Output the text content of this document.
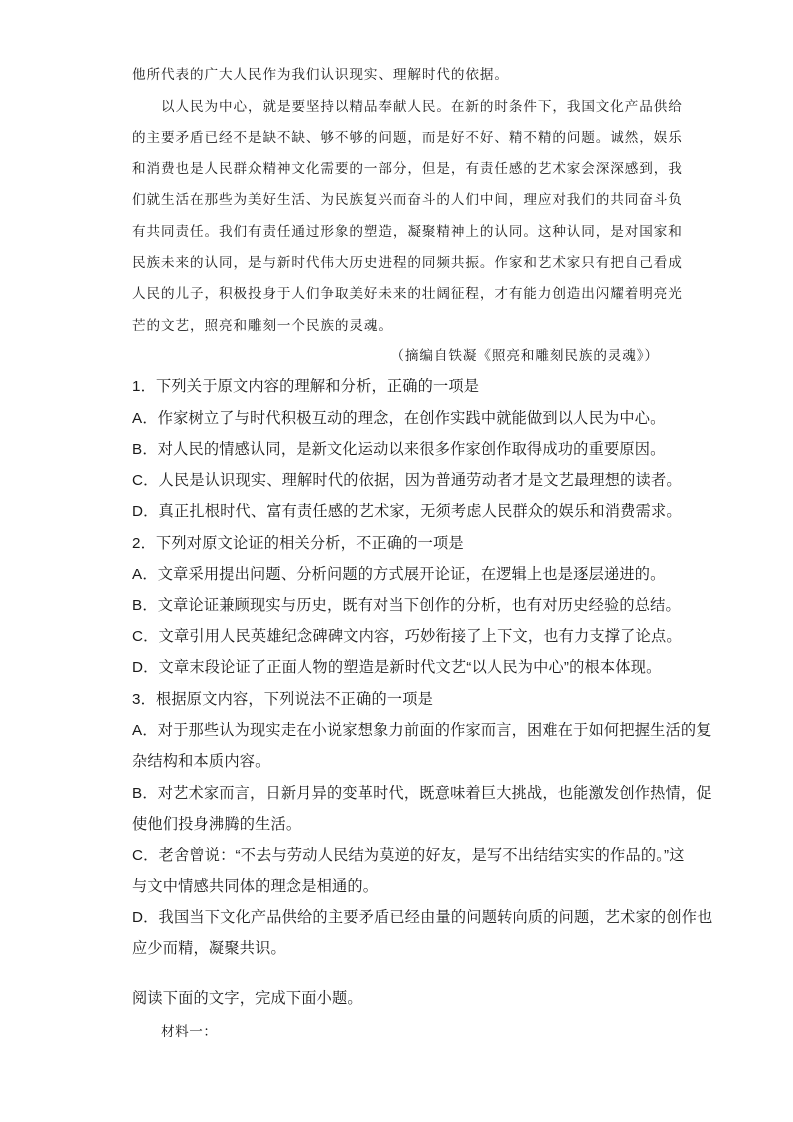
他所代表的广大人民作为我们认识现实、理解时代的依据。
以人民为中心，就是要坚持以精品奉献人民。在新的时条件下，我国文化产品供给
的主要矛盾已经不是缺不缺、够不够的问题，而是好不好、精不精的问题。诚然，娱乐
和消费也是人民群众精神文化需要的一部分，但是，有责任感的艺术家会深深感到，我
们就生活在那些为美好生活、为民族复兴而奋斗的人们中间，理应对我们的共同奋斗负
有共同责任。我们有责任通过形象的塑造，凝聚精神上的认同。这种认同，是对国家和
民族未来的认同，是与新时代伟大历史进程的同频共振。作家和艺术家只有把自己看成
人民的儿子，积极投身于人们争取美好未来的壮阔征程，才有能力创造出闪耀着明亮光
芒的文艺，照亮和雕刻一个民族的灵魂。
（摘编自铁凝《照亮和雕刻民族的灵魂》）
1．下列关于原文内容的理解和分析，正确的一项是
A．作家树立了与时代积极互动的理念，在创作实践中就能做到以人民为中心。
B．对人民的情感认同，是新文化运动以来很多作家创作取得成功的重要原因。
C．人民是认识现实、理解时代的依据，因为普通劳动者才是文艺最理想的读者。
D．真正扎根时代、富有责任感的艺术家，无须考虑人民群众的娱乐和消费需求。
2．下列对原文论证的相关分析，不正确的一项是
A．文章采用提出问题、分析问题的方式展开论证，在逻辑上也是逐层递进的。
B．文章论证兼顾现实与历史，既有对当下创作的分析，也有对历史经验的总结。
C．文章引用人民英雄纪念碑碑文内容，巧妙衔接了上下文，也有力支撑了论点。
D．文章末段论证了正面人物的塑造是新时代文艺“以人民为中心”的根本体现。
3．根据原文内容，下列说法不正确的一项是
A．对于那些认为现实走在小说家想象力前面的作家而言，困难在于如何把握生活的复
杂结构和本质内容。
B．对艺术家而言，日新月异的变革时代，既意味着巨大挑战，也能激发创作热情，促
使他们投身沸腾的生活。
C．老舍曾说：“不去与劳动人民结为莫逆的好友，是写不出结结实实的作品的。”这
与文中情感共同体的理念是相通的。
D．我国当下文化产品供给的主要矛盾已经由量的问题转向质的问题，艺术家的创作也
应少而精，凝聚共识。
阅读下面的文字，完成下面小题。
材料一：
